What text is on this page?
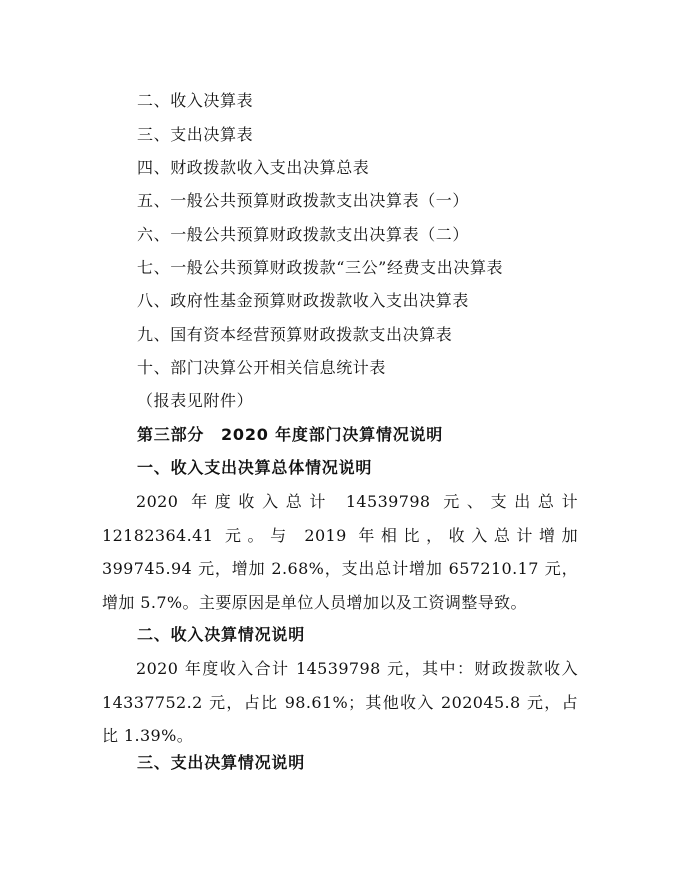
二、收入决算表
三、支出决算表
四、财政拨款收入支出决算总表
五、一般公共预算财政拨款支出决算表（一）
六、一般公共预算财政拨款支出决算表（二）
七、一般公共预算财政拨款“三公”经费支出决算表
八、政府性基金预算财政拨款收入支出决算表
九、国有资本经营预算财政拨款支出决算表
十、部门决算公开相关信息统计表
（报表见附件）
第三部分　2020 年度部门决算情况说明
一、收入支出决算总体情况说明

2020 年度收入总计 14539798 元、支出总计 12182364.41 元。与 2019 年相比，收入总计增加 399745.94 元，增加 2.68%，支出总计增加 657210.17 元，增加 5.7%。主要原因是单位人员增加以及工资调整导致。

二、收入决算情况说明

2020 年度收入合计 14539798 元，其中：财政拨款收入 14337752.2 元，占比 98.61%；其他收入 202045.8 元，占比 1.39%。

三、支出决算情况说明
